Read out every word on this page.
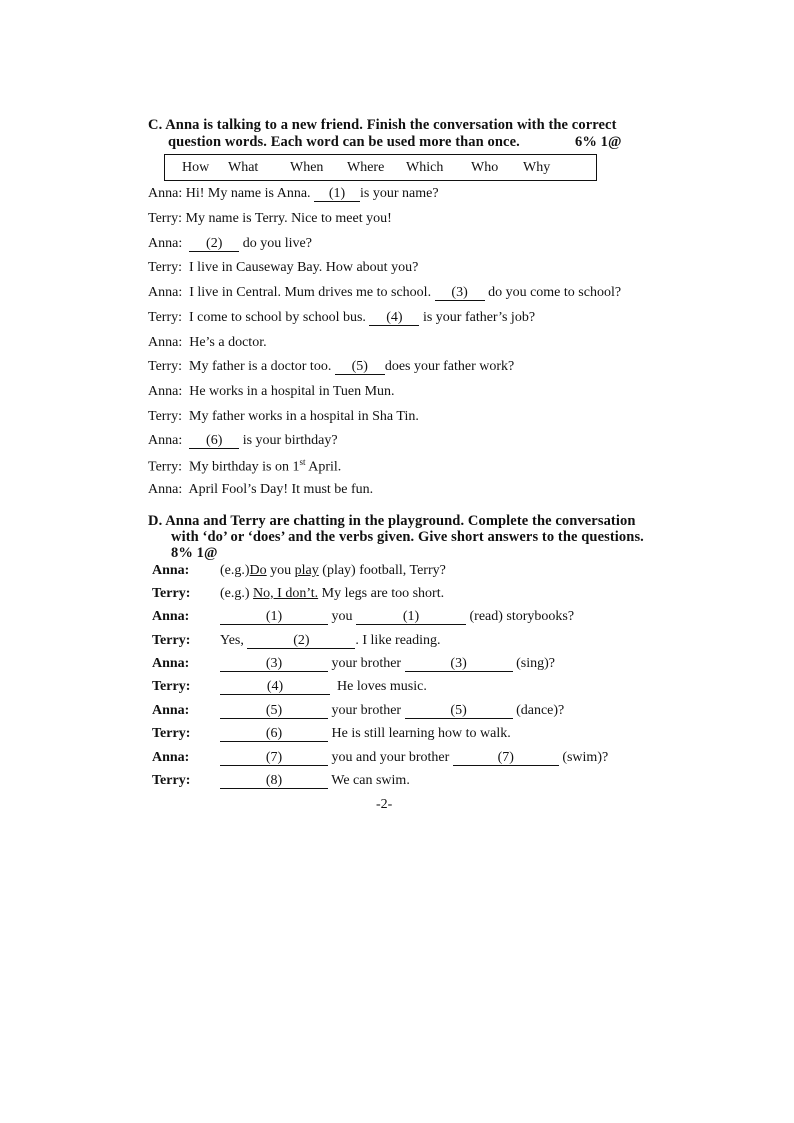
C. Anna is talking to a new friend. Finish the conversation with the correct
question words. Each word can be used more than once.	6% 1@
How What When Where Which Who Why
Anna: Hi! My name is Anna. (1) is your name?
Terry: My name is Terry. Nice to meet you!
Anna: (2) do you live?
Terry: I live in Causeway Bay. How about you?
Anna: I live in Central. Mum drives me to school. (3) do you come to school?
Terry: I come to school by school bus. (4) is your father’s job?
Anna: He’s a doctor.
Terry: My father is a doctor too. (5) does your father work?
Anna: He works in a hospital in Tuen Mun.
Terry: My father works in a hospital in Sha Tin.
Anna: (6) is your birthday?
Terry: My birthday is on 1st April.
Anna: April Fool’s Day! It must be fun.
D. Anna and Terry are chatting in the playground. Complete the conversation
with ‘do’ or ‘does’ and the verbs given. Give short answers to the questions.
8% 1@
Anna: (e.g.)Do you play (play) football, Terry?
Terry: (e.g.) No, I don’t. My legs are too short.
Anna:	(1)	you	(1)	(read) storybooks?
Terry: Yes,	(2)	. I like reading.
Anna:	(3)	your brother	(3)	(sing)?
Terry:	(4)	He loves music.
Anna:	(5)	your brother	(5)	(dance)?
Terry:	(6)	He is still learning how to walk.
Anna:	(7)	you and your brother	(7)	(swim)?
Terry:	(8)	We can swim.
-2-
